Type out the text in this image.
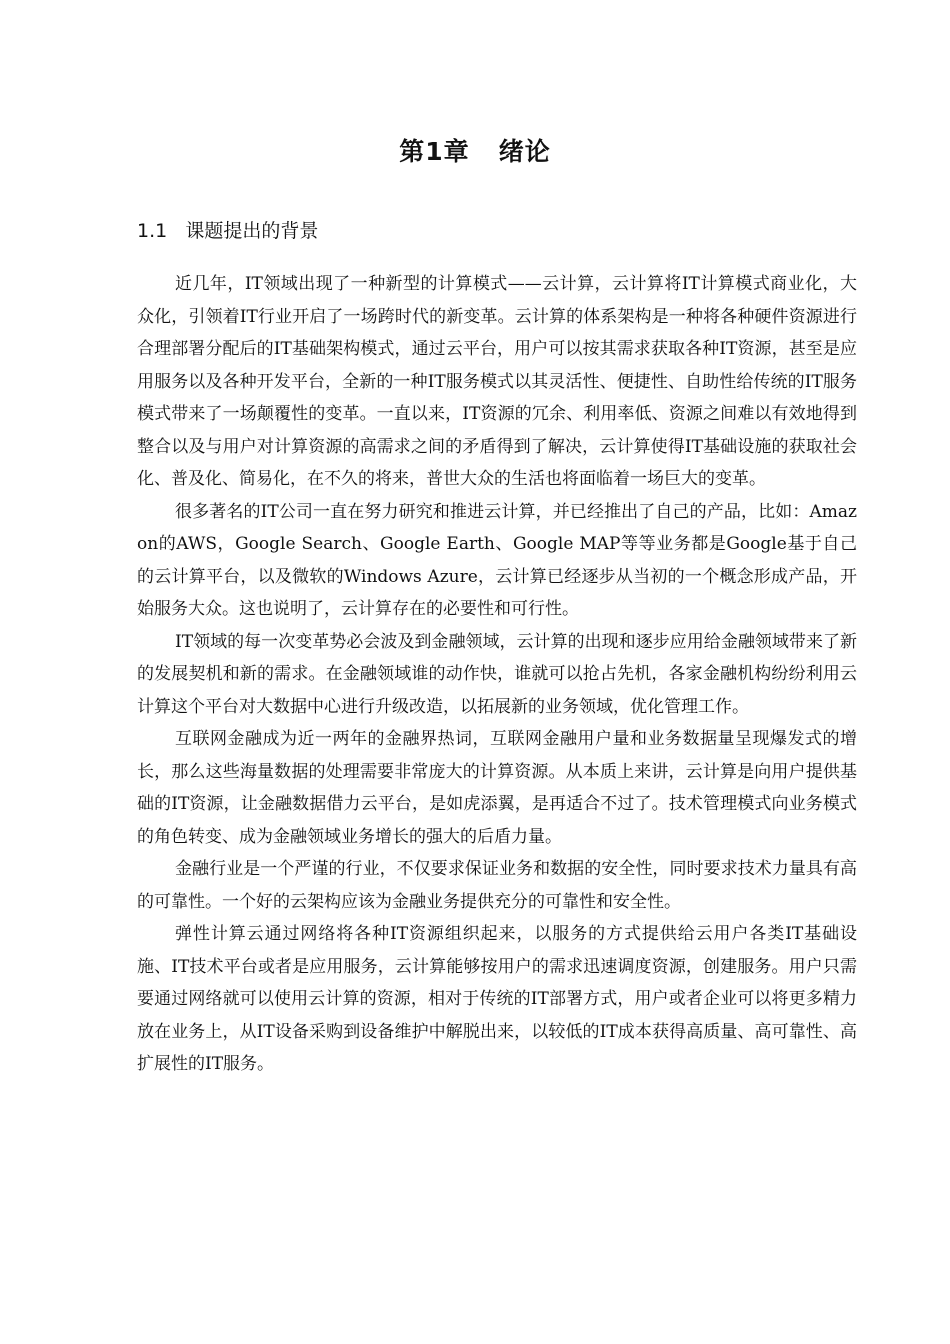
第1章   绪论
1.1   课题提出的背景

近几年，IT领域出现了一种新型的计算模式——云计算，云计算将IT计算模式商业化，大众化，引领着IT行业开启了一场跨时代的新变革。云计算的体系架构是一种将各种硬件资源进行合理部署分配后的IT基础架构模式，通过云平台，用户可以按其需求获取各种IT资源，甚至是应用服务以及各种开发平台，全新的一种IT服务模式以其灵活性、便捷性、自助性给传统的IT服务模式带来了一场颠覆性的变革。一直以来，IT资源的冗余、利用率低、资源之间难以有效地得到整合以及与用户对计算资源的高需求之间的矛盾得到了解决，云计算使得IT基础设施的获取社会化、普及化、简易化，在不久的将来，普世大众的生活也将面临着一场巨大的变革。

很多著名的IT公司一直在努力研究和推进云计算，并已经推出了自己的产品，比如：Amazon的AWS，Google Search、Google Earth、Google MAP等等业务都是Google基于自己的云计算平台，以及微软的Windows Azure，云计算已经逐步从当初的一个概念形成产品，开始服务大众。这也说明了，云计算存在的必要性和可行性。

IT领域的每一次变革势必会波及到金融领域，云计算的出现和逐步应用给金融领域带来了新的发展契机和新的需求。在金融领域谁的动作快，谁就可以抢占先机，各家金融机构纷纷利用云计算这个平台对大数据中心进行升级改造，以拓展新的业务领域，优化管理工作。

互联网金融成为近一两年的金融界热词，互联网金融用户量和业务数据量呈现爆发式的增长，那么这些海量数据的处理需要非常庞大的计算资源。从本质上来讲，云计算是向用户提供基础的IT资源，让金融数据借力云平台，是如虎添翼，是再适合不过了。技术管理模式向业务模式的角色转变、成为金融领域业务增长的强大的后盾力量。

金融行业是一个严谨的行业，不仅要求保证业务和数据的安全性，同时要求技术力量具有高的可靠性。一个好的云架构应该为金融业务提供充分的可靠性和安全性。

弹性计算云通过网络将各种IT资源组织起来，以服务的方式提供给云用户各类IT基础设施、IT技术平台或者是应用服务，云计算能够按用户的需求迅速调度资源，创建服务。用户只需要通过网络就可以使用云计算的资源，相对于传统的IT部署方式，用户或者企业可以将更多精力放在业务上，从IT设备采购到设备维护中解脱出来，以较低的IT成本获得高质量、高可靠性、高扩展性的IT服务。
